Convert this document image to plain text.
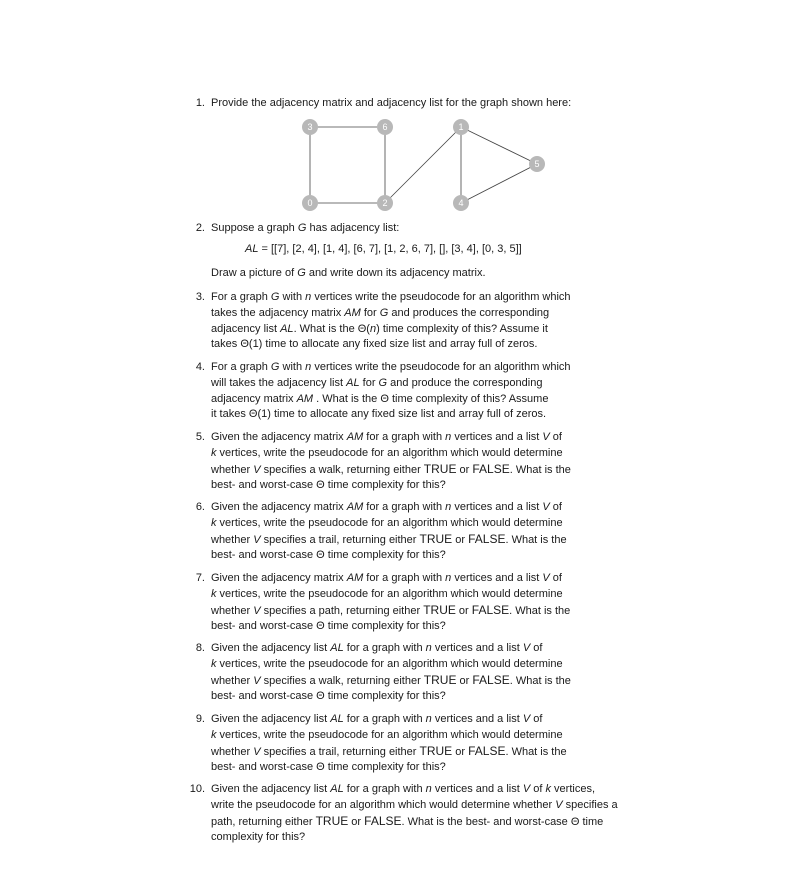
1. Provide the adjacency matrix and adjacency list for the graph shown here:
3	6	1
5
0	2	4
2. Suppose a graph G has adjacency list:
AL = [[7], [2, 4], [1, 4], [6, 7], [1, 2, 6, 7], [], [3, 4], [0, 3, 5]]
Draw a picture of G and write down its adjacency matrix.
3. For a graph G with n vertices write the pseudocode for an algorithm which
takes the adjacency matrix AM for G and produces the corresponding
adjacency list AL. What is the Θ(n) time complexity of this? Assume it
takes Θ(1) time to allocate any fixed size list and array full of zeros.
4. For a graph G with n vertices write the pseudocode for an algorithm which
will takes the adjacency list AL for G and produce the corresponding
adjacency matrix AM . What is the Θ time complexity of this? Assume
it takes Θ(1) time to allocate any fixed size list and array full of zeros.
5. Given the adjacency matrix AM for a graph with n vertices and a list V of
k vertices, write the pseudocode for an algorithm which would determine
whether V specifies a walk, returning either TRUE or FALSE. What is the
best- and worst-case Θ time complexity for this?
6. Given the adjacency matrix AM for a graph with n vertices and a list V of
k vertices, write the pseudocode for an algorithm which would determine
whether V specifies a trail, returning either TRUE or FALSE. What is the
best- and worst-case Θ time complexity for this?
7. Given the adjacency matrix AM for a graph with n vertices and a list V of
k vertices, write the pseudocode for an algorithm which would determine
whether V specifies a path, returning either TRUE or FALSE. What is the
best- and worst-case Θ time complexity for this?
8. Given the adjacency list AL for a graph with n vertices and a list V of
k vertices, write the pseudocode for an algorithm which would determine
whether V specifies a walk, returning either TRUE or FALSE. What is the
best- and worst-case Θ time complexity for this?
9. Given the adjacency list AL for a graph with n vertices and a list V of
k vertices, write the pseudocode for an algorithm which would determine
whether V specifies a trail, returning either TRUE or FALSE. What is the
best- and worst-case Θ time complexity for this?
10. Given the adjacency list AL for a graph with n vertices and a list V of k vertices,
write the pseudocode for an algorithm which would determine whether V specifies a
path, returning either TRUE or FALSE. What is the best- and worst-case Θ time
complexity for this?
